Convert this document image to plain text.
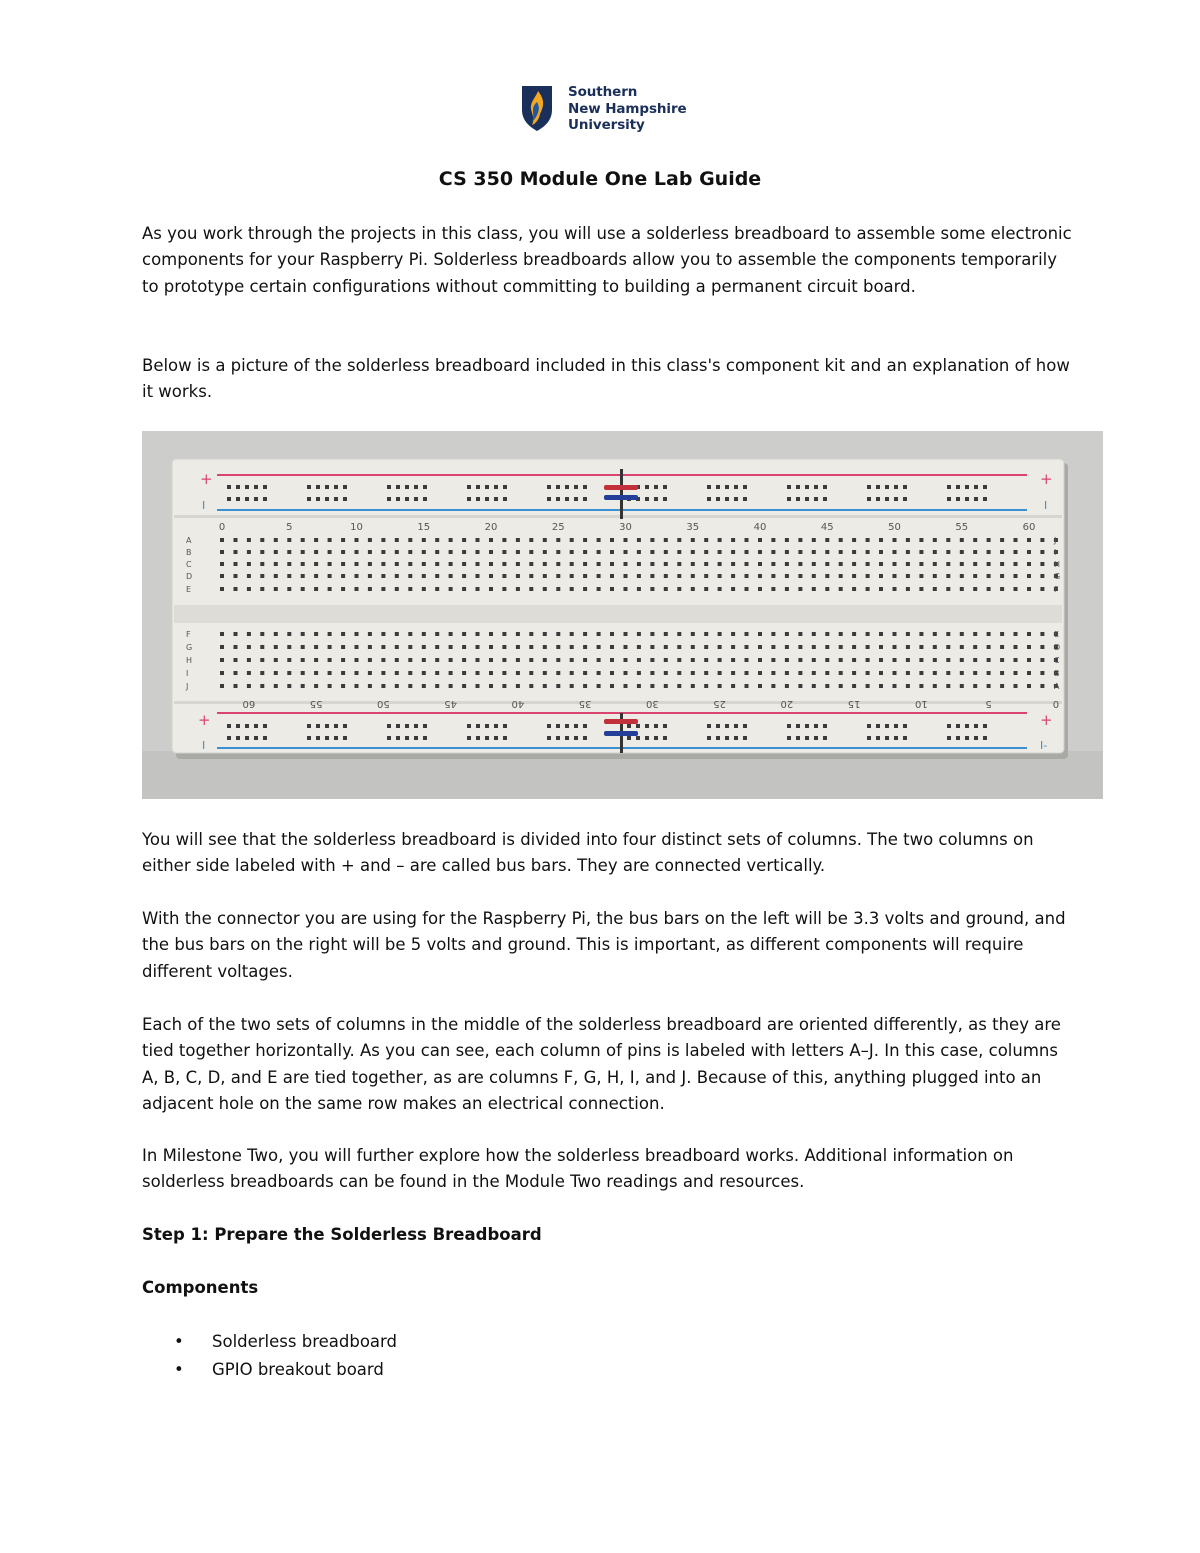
Southern
New Hampshire
University
CS 350 Module One Lab Guide
As you work through the projects in this class, you will use a solderless breadboard to assemble some electronic components for your Raspberry Pi. Solderless breadboards allow you to assemble the components temporarily to prototype certain configurations without committing to building a permanent circuit board.
Below is a picture of the solderless breadboard included in this class's component kit and an explanation of how it works.
0	5	10	15	20	25	30	35	40	45	50	55	60
60	55	50	45	40	35	30	25	20	15	10	5	0
A
B
C
D
E
F
G
H
I
J
J
I
H
G
F
E
D
C
B
A
+
I
+
I
+
I
+
I-
You will see that the solderless breadboard is divided into four distinct sets of columns. The two columns on either side labeled with + and – are called bus bars. They are connected vertically.
With the connector you are using for the Raspberry Pi, the bus bars on the left will be 3.3 volts and ground, and the bus bars on the right will be 5 volts and ground. This is important, as different components will require different voltages.
Each of the two sets of columns in the middle of the solderless breadboard are oriented differently, as they are tied together horizontally. As you can see, each column of pins is labeled with letters A–J. In this case, columns A, B, C, D, and E are tied together, as are columns F, G, H, I, and J. Because of this, anything plugged into an adjacent hole on the same row makes an electrical connection.
In Milestone Two, you will further explore how the solderless breadboard works. Additional information on solderless breadboards can be found in the Module Two readings and resources.
Step 1: Prepare the Solderless Breadboard
Components
• Solderless breadboard
• GPIO breakout board
